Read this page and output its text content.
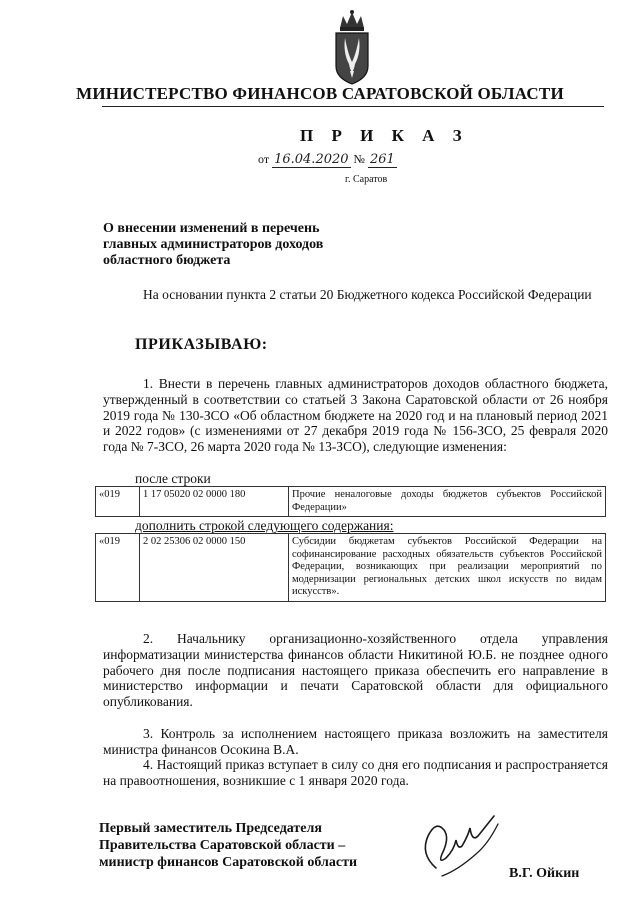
МИНИСТЕРСТВО ФИНАНСОВ САРАТОВСКОЙ ОБЛАСТИ
П Р И К А З
от 16.04.2020 № 261
г. Саратов
О внесении изменений в перечень
главных администраторов доходов
областного бюджета
На основании пункта 2 статьи 20 Бюджетного кодекса Российской Федерации
ПРИКАЗЫВАЮ:
1. Внести в перечень главных администраторов доходов областного бюджета, утвержденный в соответствии со статьей 3 Закона Саратовской области от 26 ноября 2019 года № 130-ЗСО «Об областном бюджете на 2020 год и на плановый период 2021 и 2022 годов» (с изменениями от 27 декабря 2019 года № 156-ЗСО, 25 февраля 2020 года № 7-ЗСО, 26 марта 2020 года № 13-ЗСО), следующие изменения:
после строки
«019	1 17 05020 02 0000 180	Прочие неналоговые доходы бюджетов субъектов Российской Федерации»
дополнить строкой следующего содержания:
«019	2 02 25306 02 0000 150	Субсидии бюджетам субъектов Российской Федерации на софинансирование расходных обязательств субъектов Российской Федерации, возникающих при реализации мероприятий по модернизации региональных детских школ искусств по видам искусств».
2. Начальнику организационно-хозяйственного отдела управления информатизации министерства финансов области Никитиной Ю.Б. не позднее одного рабочего дня после подписания настоящего приказа обеспечить его направление в министерство информации и печати Саратовской области для официального опубликования.
3. Контроль за исполнением настоящего приказа возложить на заместителя министра финансов Осокина В.А.
4. Настоящий приказ вступает в силу со дня его подписания и распространяется на правоотношения, возникшие с 1 января 2020 года.
Первый заместитель Председателя
Правительства Саратовской области –
министр финансов Саратовской области
В.Г. Ойкин
